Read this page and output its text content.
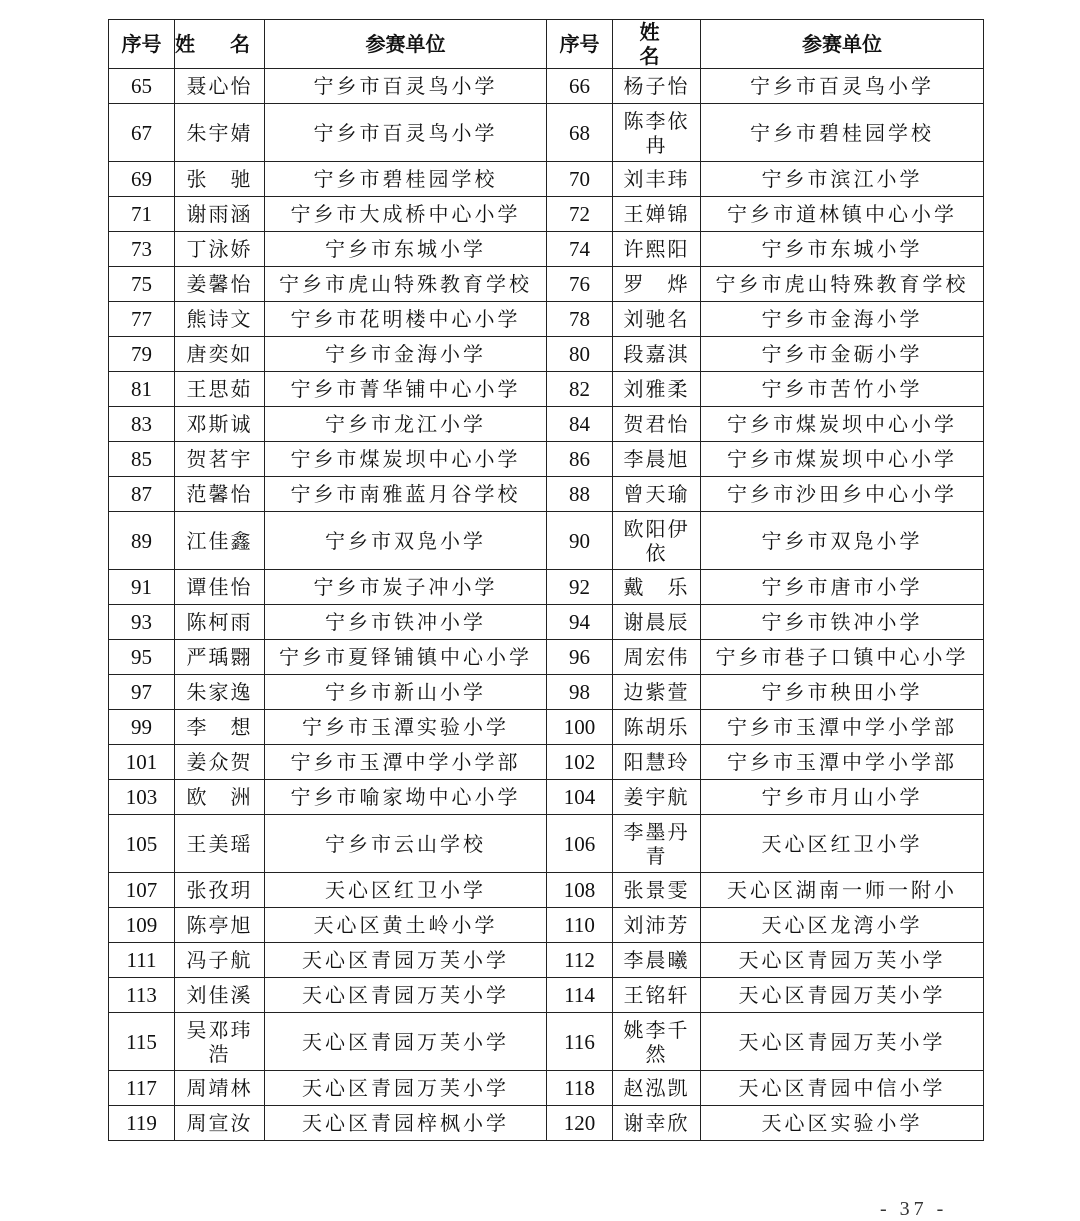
序号	姓 名	参赛单位	序号	姓 名	参赛单位
65	聂心怡	宁乡市百灵鸟小学	66	杨子怡	宁乡市百灵鸟小学
67	朱宇婧	宁乡市百灵鸟小学	68	陈李依冉	宁乡市碧桂园学校
69	张　驰	宁乡市碧桂园学校	70	刘丰玮	宁乡市滨江小学
71	谢雨涵	宁乡市大成桥中心小学	72	王婵锦	宁乡市道林镇中心小学
73	丁泳娇	宁乡市东城小学	74	许熙阳	宁乡市东城小学
75	姜馨怡	宁乡市虎山特殊教育学校	76	罗　烨	宁乡市虎山特殊教育学校
77	熊诗文	宁乡市花明楼中心小学	78	刘驰名	宁乡市金海小学
79	唐奕如	宁乡市金海小学	80	段嘉淇	宁乡市金砺小学
81	王思茹	宁乡市菁华铺中心小学	82	刘雅柔	宁乡市苦竹小学
83	邓斯诚	宁乡市龙江小学	84	贺君怡	宁乡市煤炭坝中心小学
85	贺茗宇	宁乡市煤炭坝中心小学	86	李晨旭	宁乡市煤炭坝中心小学
87	范馨怡	宁乡市南雅蓝月谷学校	88	曾天瑜	宁乡市沙田乡中心小学
89	江佳鑫	宁乡市双凫小学	90	欧阳伊依	宁乡市双凫小学
91	谭佳怡	宁乡市炭子冲小学	92	戴　乐	宁乡市唐市小学
93	陈柯雨	宁乡市铁冲小学	94	谢晨辰	宁乡市铁冲小学
95	严瑀翾	宁乡市夏铎铺镇中心小学	96	周宏伟	宁乡市巷子口镇中心小学
97	朱家逸	宁乡市新山小学	98	边紫萱	宁乡市秧田小学
99	李　想	宁乡市玉潭实验小学	100	陈胡乐	宁乡市玉潭中学小学部
101	姜众贺	宁乡市玉潭中学小学部	102	阳慧玲	宁乡市玉潭中学小学部
103	欧　洲	宁乡市喻家坳中心小学	104	姜宇航	宁乡市月山小学
105	王美瑶	宁乡市云山学校	106	李墨丹青	天心区红卫小学
107	张孜玥	天心区红卫小学	108	张景雯	天心区湖南一师一附小
109	陈亭旭	天心区黄土岭小学	110	刘沛芳	天心区龙湾小学
111	冯子航	天心区青园万芙小学	112	李晨曦	天心区青园万芙小学
113	刘佳溪	天心区青园万芙小学	114	王铭轩	天心区青园万芙小学
115	吴邓玮浩	天心区青园万芙小学	116	姚李千然	天心区青园万芙小学
117	周靖林	天心区青园万芙小学	118	赵泓凯	天心区青园中信小学
119	周宣汝	天心区青园梓枫小学	120	谢幸欣	天心区实验小学
- 37 -
